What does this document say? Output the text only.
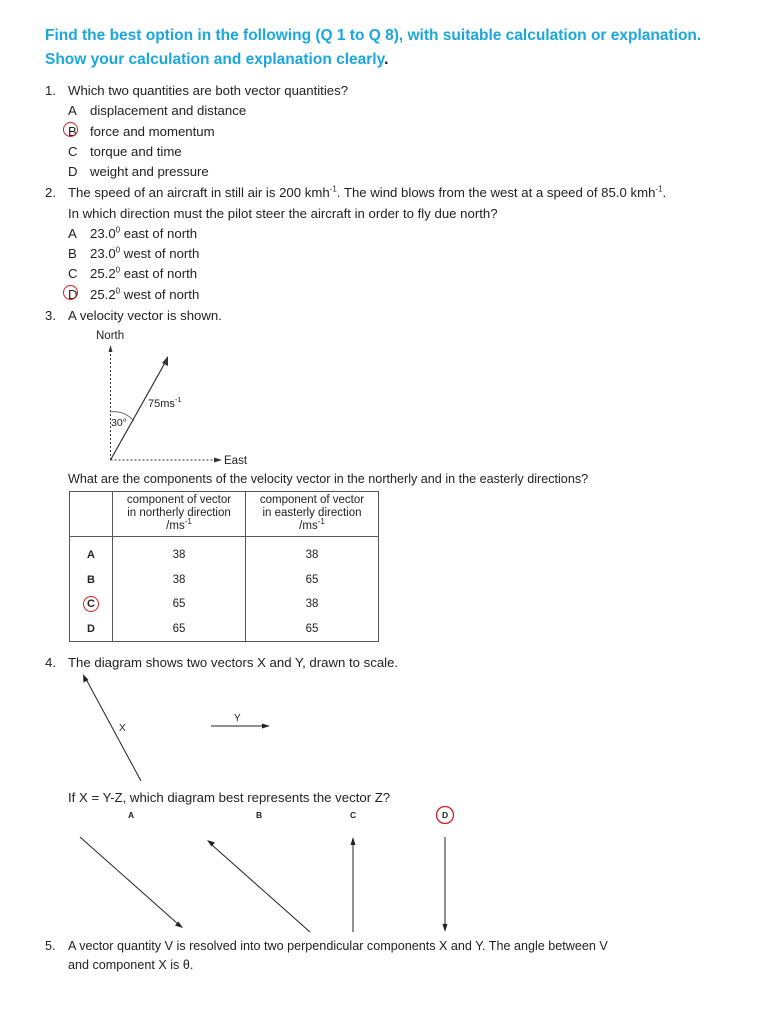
Find the best option in the following (Q 1 to Q 8), with suitable calculation or explanation. Show your calculation and explanation clearly.
1. Which two quantities are both vector quantities?
A displacement and distance
B force and momentum
C torque and time
D weight and pressure
2. The speed of an aircraft in still air is 200 kmh$^{-1}$. The wind blows from the west at a speed of 85.0 kmh$^{-1}$.
In which direction must the pilot steer the aircraft in order to fly due north?
A 23.0$^0$ east of north
B 23.0$^0$ west of north
C 25.2$^0$ east of north
D 25.2$^0$ west of north
3. A velocity vector is shown.
North
East
30°
$75ms^{-1}$
What are the components of the velocity vector in the northerly and in the easterly directions?
	component of vector
in northerly direction
$/ms^{-1}$	component of vector
in easterly direction
$/ms^{-1}$
A	38	38
B	38	65

C	65	38
D	65	65
4. The diagram shows two vectors X and Y, drawn to scale.
X
Y
If X = Y-Z, which diagram best represents the vector Z?
A	B	C	D
5. A vector quantity V is resolved into two perpendicular components X and Y. The angle between V
and component X is θ.
